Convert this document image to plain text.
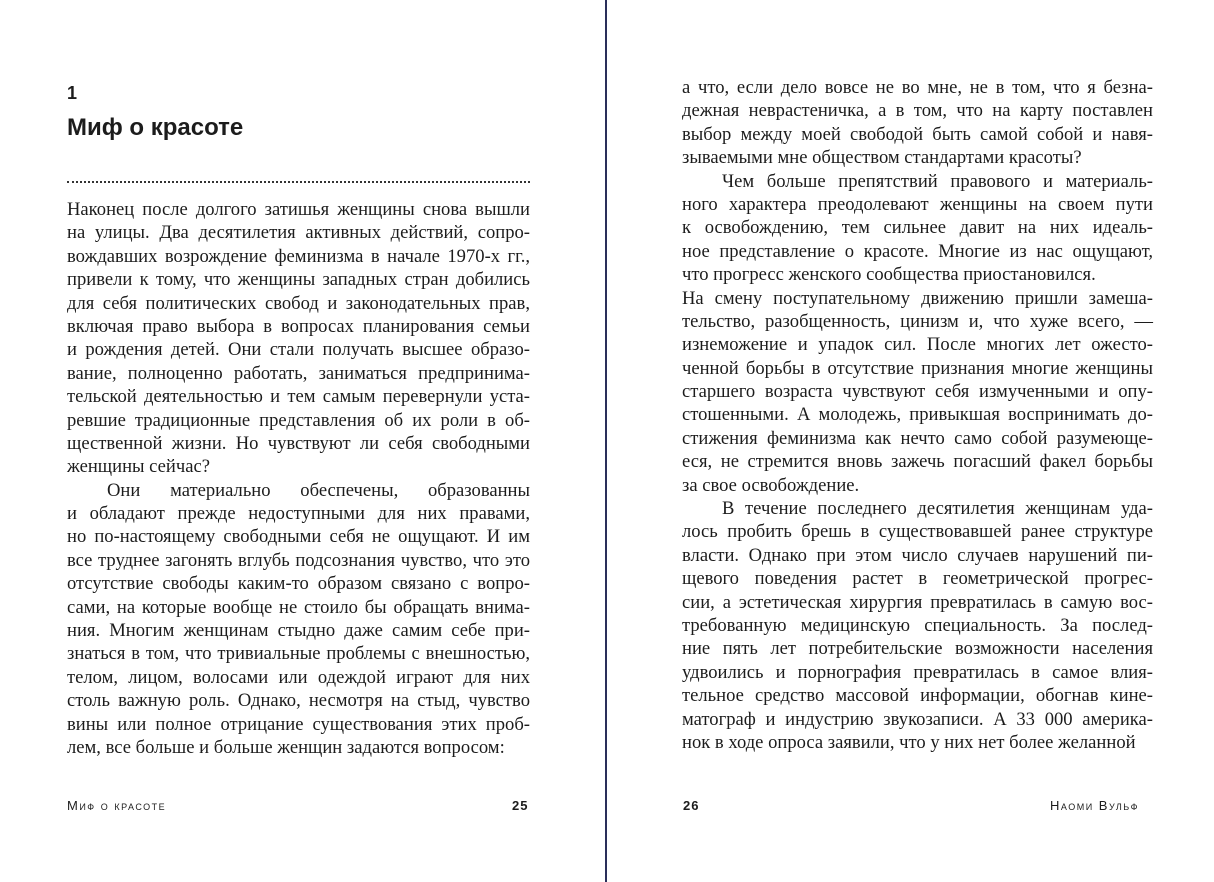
1
Миф о красоте
Наконец после долгого затишья женщины снова вышли
на улицы. Два десятилетия активных действий, сопро-
вождавших возрождение феминизма в начале 1970-х гг.,
привели к тому, что женщины западных стран добились
для себя политических свобод и законодательных прав,
включая право выбора в вопросах планирования семьи
и рождения детей. Они стали получать высшее образо-
вание, полноценно работать, заниматься предпринима-
тельской деятельностью и тем самым перевернули уста-
ревшие традиционные представления об их роли в об-
щественной жизни. Но чувствуют ли себя свободными
женщины сейчас?
Они материально обеспечены, образованны
и обладают прежде недоступными для них правами,
но по-настоящему свободными себя не ощущают. И им
все труднее загонять вглубь подсознания чувство, что это
отсутствие свободы каким-то образом связано с вопро-
сами, на которые вообще не стоило бы обращать внима-
ния. Многим женщинам стыдно даже самим себе при-
знаться в том, что тривиальные проблемы с внешностью,
телом, лицом, волосами или одеждой играют для них
столь важную роль. Однако, несмотря на стыд, чувство
вины или полное отрицание существования этих проб-
лем, все больше и больше женщин задаются вопросом:
Миф о красоте	25
а что, если дело вовсе не во мне, не в том, что я безна-
дежная неврастеничка, а в том, что на карту поставлен
выбор между моей свободой быть самой собой и навя-
зываемыми мне обществом стандартами красоты?
Чем больше препятствий правового и материаль-
ного характера преодолевают женщины на своем пути
к освобождению, тем сильнее давит на них идеаль-
ное представление о красоте. Многие из нас ощущают,
что прогресс женского сообщества приостановился.
На смену поступательному движению пришли замеша-
тельство, разобщенность, цинизм и, что хуже всего, —
изнеможение и упадок сил. После многих лет ожесто-
ченной борьбы в отсутствие признания многие женщины
старшего возраста чувствуют себя измученными и опу-
стошенными. А молодежь, привыкшая воспринимать до-
стижения феминизма как нечто само собой разумеюще-
еся, не стремится вновь зажечь погасший факел борьбы
за свое освобождение.
В течение последнего десятилетия женщинам уда-
лось пробить брешь в существовавшей ранее структуре
власти. Однако при этом число случаев нарушений пи-
щевого поведения растет в геометрической прогрес-
сии, а эстетическая хирургия превратилась в самую вос-
требованную медицинскую специальность. За послед-
ние пять лет потребительские возможности населения
удвоились и порнография превратилась в самое влия-
тельное средство массовой информации, обогнав кине-
матограф и индустрию звукозаписи. А 33 000 америка-
нок в ходе опроса заявили, что у них нет более желанной
26	Наоми Вульф
